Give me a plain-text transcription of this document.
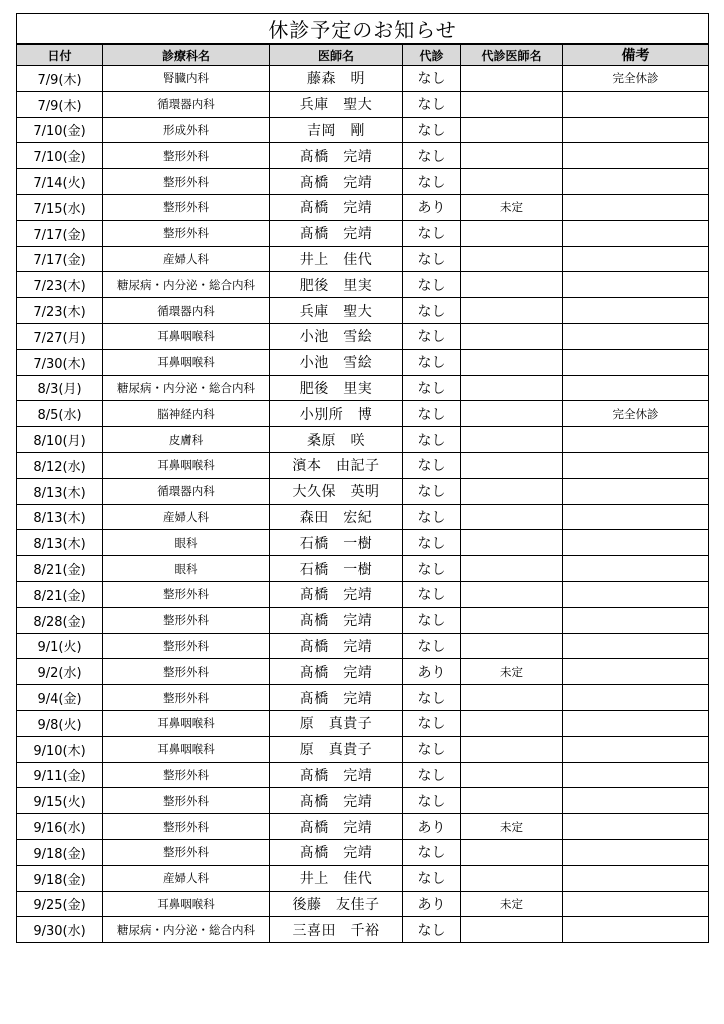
休診予定のお知らせ					
日付	診療科名	医師名	代診	代診医師名	備考
7/9(木)	腎臓内科	藤森　明	なし		完全休診
7/9(木)	循環器内科	兵庫　聖大	なし		
7/10(金)	形成外科	吉岡　剛	なし		
7/10(金)	整形外科	髙橋　完靖	なし		
7/14(火)	整形外科	髙橋　完靖	なし		
7/15(水)	整形外科	髙橋　完靖	あり	未定	
7/17(金)	整形外科	髙橋　完靖	なし		
7/17(金)	産婦人科	井上　佳代	なし		
7/23(木)	糖尿病・内分泌・総合内科	肥後　里実	なし		
7/23(木)	循環器内科	兵庫　聖大	なし		
7/27(月)	耳鼻咽喉科	小池　雪絵	なし		
7/30(木)	耳鼻咽喉科	小池　雪絵	なし		
8/3(月)	糖尿病・内分泌・総合内科	肥後　里実	なし		
8/5(水)	脳神経内科	小別所　博	なし		完全休診
8/10(月)	皮膚科	桑原　咲	なし		
8/12(水)	耳鼻咽喉科	濱本　由記子	なし		
8/13(木)	循環器内科	大久保　英明	なし		
8/13(木)	産婦人科	森田　宏紀	なし		
8/13(木)	眼科	石橋　一樹	なし		
8/21(金)	眼科	石橋　一樹	なし		
8/21(金)	整形外科	髙橋　完靖	なし		
8/28(金)	整形外科	髙橋　完靖	なし		
9/1(火)	整形外科	髙橋　完靖	なし		
9/2(水)	整形外科	髙橋　完靖	あり	未定	
9/4(金)	整形外科	髙橋　完靖	なし		
9/8(火)	耳鼻咽喉科	原　真貴子	なし		
9/10(木)	耳鼻咽喉科	原　真貴子	なし		
9/11(金)	整形外科	髙橋　完靖	なし		
9/15(火)	整形外科	髙橋　完靖	なし		
9/16(水)	整形外科	髙橋　完靖	あり	未定	
9/18(金)	整形外科	髙橋　完靖	なし		
9/18(金)	産婦人科	井上　佳代	なし		
9/25(金)	耳鼻咽喉科	後藤　友佳子	あり	未定	
9/30(水)	糖尿病・内分泌・総合内科	三喜田　千裕	なし		
